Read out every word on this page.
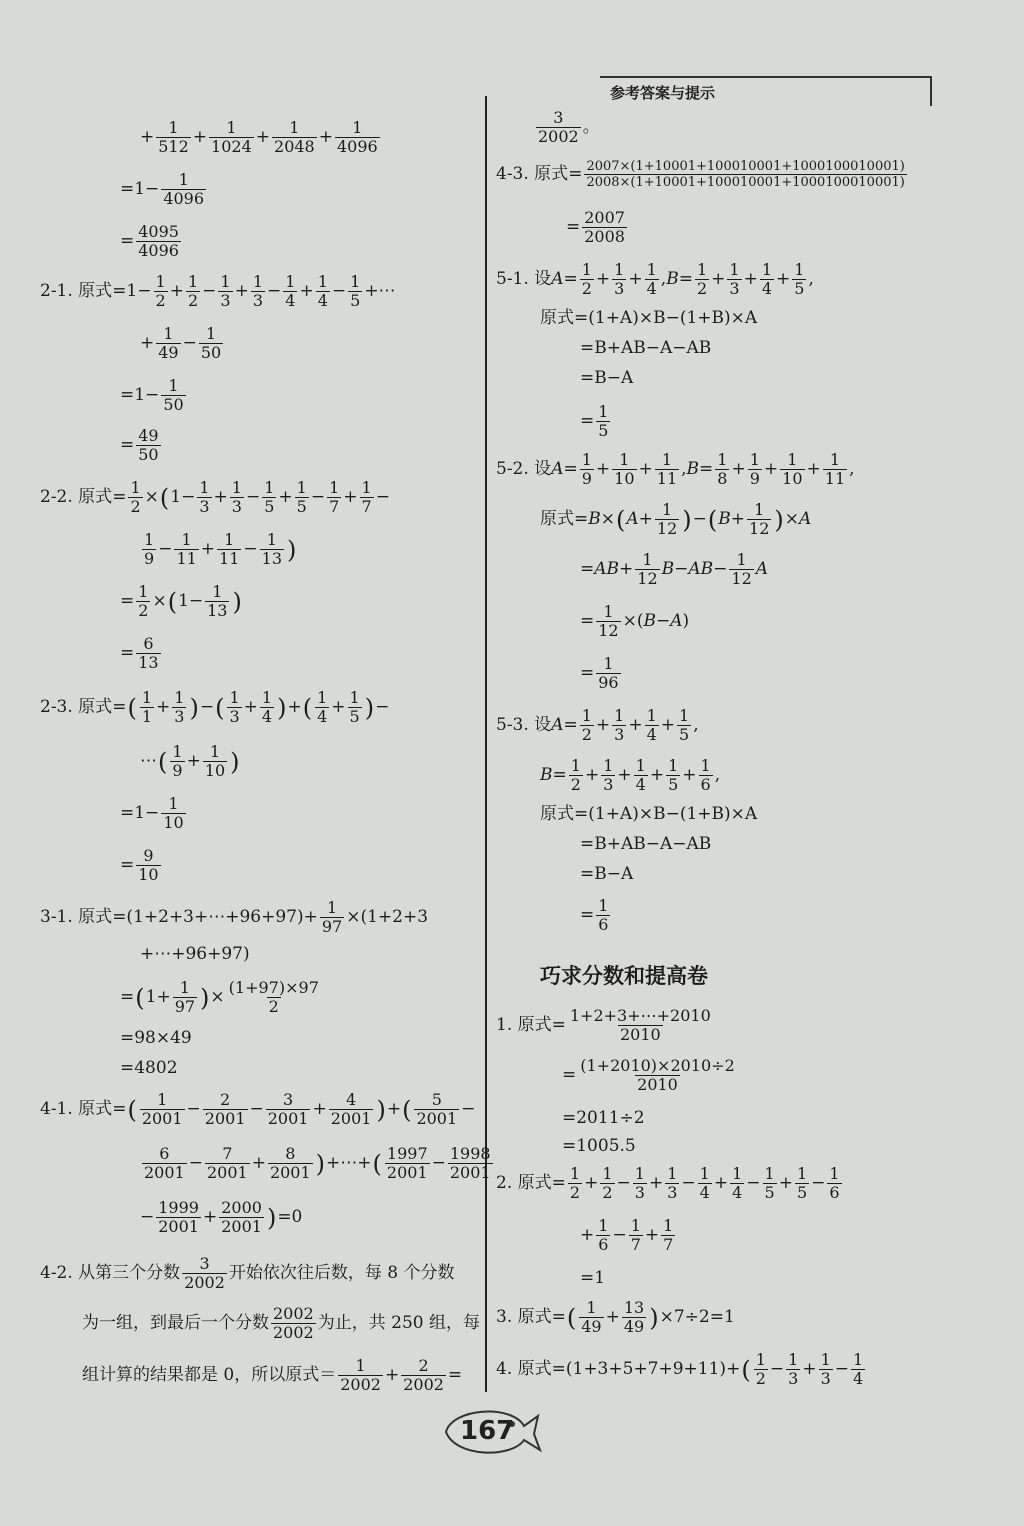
参考答案与提示
+ $\frac{1}{512} + \frac{1}{1024} + \frac{1}{2048} + \frac{1}{4096}$
$=1- \frac{1}{4096}$
= $\frac{4095}{4096}$
2-1. 原式 $=1- \frac{1}{2} + \frac{1}{2} - \frac{1}{3} + \frac{1}{3} - \frac{1}{4} + \frac{1}{4} - \frac{1}{5}$ +⋯
+ $\frac{1}{49} - \frac{1}{50}$
$=1- \frac{1}{50}$
= $\frac{49}{50}$
2-2. 原式 = $\frac{1}{2}$ × ( $1- \frac{1}{3} + \frac{1}{3} - \frac{1}{5} + \frac{1}{5} - \frac{1}{7} + \frac{1}{7}$ −
$\frac{1}{9} - \frac{1}{11} + \frac{1}{11} - \frac{1}{13}$ )
= $\frac{1}{2}$ × ( $1- \frac{1}{13}$ )
= $\frac{6}{13}$
2-3. 原式 = ( $\frac{1}{1} + \frac{1}{3}$ ) − ( $\frac{1}{3} + \frac{1}{4}$ ) + ( $\frac{1}{4} + \frac{1}{5}$ ) −
⋯ ( $\frac{1}{9} + \frac{1}{10}$ )
$=1- \frac{1}{10}$
= $\frac{9}{10}$
3-1. 原式 =(1+2+3+⋯+96+97)+ $\frac{1}{97} \times(1+2+3$
+⋯+96+97)
= ( $1+ \frac{1}{97}$ ) × $\frac{(1+97)\times 97}{2}$
=98×49
=4802
4-1. 原式 = ( $\frac{1}{2001} - \frac{2}{2001} - \frac{3}{2001} + \frac{4}{2001}$ ) + ( $\frac{5}{2001}$ −
$\frac{6}{2001} - \frac{7}{2001} + \frac{8}{2001}$ ) +⋯+ ( $\frac{1997}{2001} - \frac{1998}{2001}$
− $\frac{1999}{2001} + \frac{2000}{2001}$ ) =0
4-2. 从第三个分数 $\frac{3}{2002}$ 开始依次往后数，每 8 个分数
为一组，到最后一个分数 $\frac{2002}{2002}$ 为止，共 250 组，每
组计算的结果都是 0，所以原式＝ $\frac{1}{2002} + \frac{2}{2002}$ =
$\frac{3}{2002}$ 。
4-3. 原式 = $\frac{2007\times(1+10001+100010001+1000100010001)}{2008\times(1+10001+100010001+1000100010001)}$
= $\frac{2007}{2008}$
5-1. 设 $A = \frac{1}{2} + \frac{1}{3} + \frac{1}{4}$ , $B = \frac{1}{2} + \frac{1}{3} + \frac{1}{4} + \frac{1}{5}$ ,
原式 =(1+A)×B−(1+B)×A
=B+AB−A−AB
=B−A
= $\frac{1}{5}$
5-2. 设 $A = \frac{1}{9} + \frac{1}{10} + \frac{1}{11}$ , $B = \frac{1}{8} + \frac{1}{9} + \frac{1}{10} + \frac{1}{11}$ ,
原式 = B × ( $A + \frac{1}{12}$ ) − ( $B + \frac{1}{12}$ ) × A
= AB + $\frac{1}{12}$ B − AB − $\frac{1}{12}$ A
= $\frac{1}{12}$ ×( B − A )
= $\frac{1}{96}$
5-3. 设 $A = \frac{1}{2} + \frac{1}{3} + \frac{1}{4} + \frac{1}{5}$ ,
$B = \frac{1}{2} + \frac{1}{3} + \frac{1}{4} + \frac{1}{5} + \frac{1}{6}$ ,
原式 =(1+A)×B−(1+B)×A
=B+AB−A−AB
=B−A
= $\frac{1}{6}$
巧求分数和提高卷
1. 原式 = $\frac{1+2+3+\cdots+2010}{2010}$
= $\frac{(1+2010)\times 2010\div 2}{2010}$
=2011÷2
=1005.5
2. 原式 = $\frac{1}{2} + \frac{1}{2} - \frac{1}{3} + \frac{1}{3} - \frac{1}{4} + \frac{1}{4} - \frac{1}{5} + \frac{1}{5} - \frac{1}{6}$
+ $\frac{1}{6} - \frac{1}{7} + \frac{1}{7}$
=1
3. 原式 = ( $\frac{1}{49} + \frac{13}{49}$ ) ×7÷2=1
4. 原式 =(1+3+5+7+9+11)+ ( $\frac{1}{2} - \frac{1}{3} + \frac{1}{3} - \frac{1}{4}$
167
